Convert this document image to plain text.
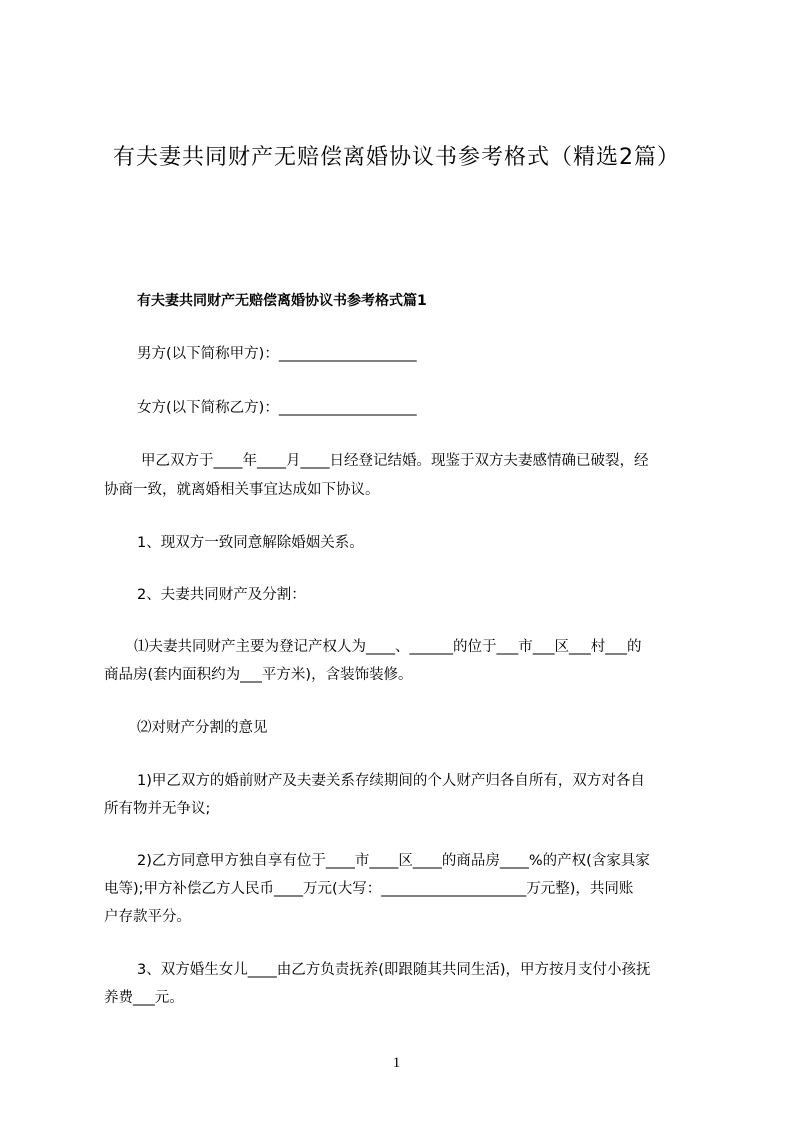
有夫妻共同财产无赔偿离婚协议书参考格式（精选2篇）
有夫妻共同财产无赔偿离婚协议书参考格式篇1
男方(以下简称甲方)：___________________
女方(以下简称乙方)：___________________
甲乙双方于____年____月____日经登记结婚。现鉴于双方夫妻感情确已破裂，经
协商一致，就离婚相关事宜达成如下协议。
1、现双方一致同意解除婚姻关系。
2、夫妻共同财产及分割：
⑴夫妻共同财产主要为登记产权人为____、______的位于___市___区___村___的
商品房(套内面积约为___平方米)，含装饰装修。
⑵对财产分割的意见
1)甲乙双方的婚前财产及夫妻关系存续期间的个人财产归各自所有，双方对各自
所有物并无争议;
2)乙方同意甲方独自享有位于____市____区____的商品房____%的产权(含家具家
电等);甲方补偿乙方人民币____万元(大写：____________________万元整)，共同账
户存款平分。
3、双方婚生女儿____由乙方负责抚养(即跟随其共同生活)，甲方按月支付小孩抚
养费___元。
1
